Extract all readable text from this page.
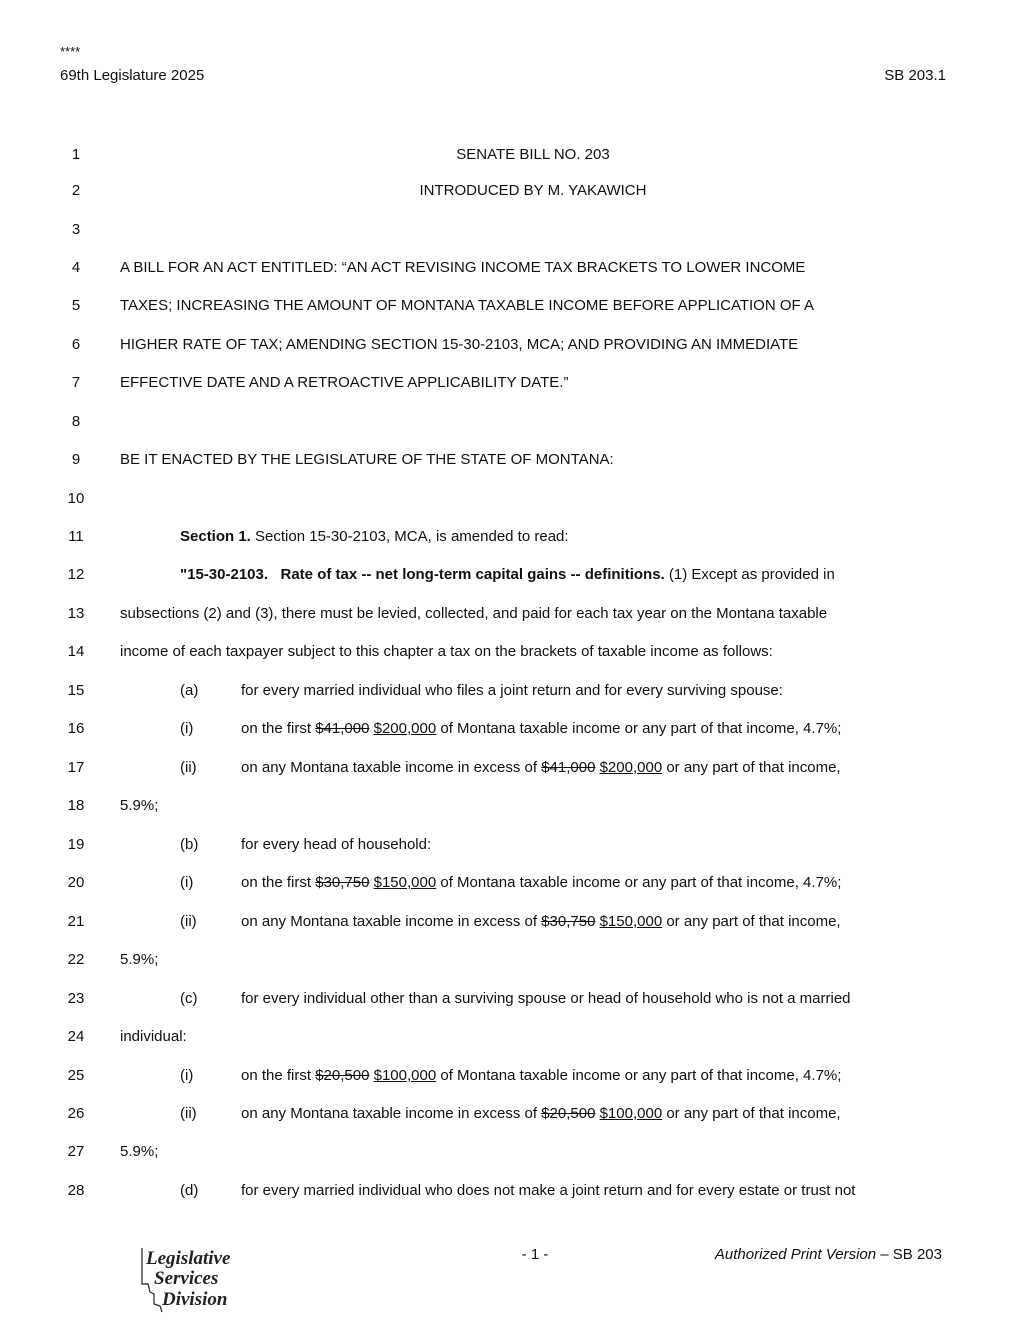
****
69th Legislature 2025	SB 203.1
1
2
3
4
5
6
7
8
9
10
11
12
13
14
15
16
17
18
19
20
21
22
23
24
25
26
27
28
SENATE BILL NO. 203
INTRODUCED BY M. YAKAWICH
A BILL FOR AN ACT ENTITLED: “AN ACT REVISING INCOME TAX BRACKETS TO LOWER INCOME
TAXES; INCREASING THE AMOUNT OF MONTANA TAXABLE INCOME BEFORE APPLICATION OF A
HIGHER RATE OF TAX; AMENDING SECTION 15-30-2103, MCA; AND PROVIDING AN IMMEDIATE
EFFECTIVE DATE AND A RETROACTIVE APPLICABILITY DATE.”
BE IT ENACTED BY THE LEGISLATURE OF THE STATE OF MONTANA:
Section 1. Section 15-30-2103, MCA, is amended to read:
"15-30-2103.   Rate of tax -- net long-term capital gains -- definitions. (1) Except as provided in
subsections (2) and (3), there must be levied, collected, and paid for each tax year on the Montana taxable
income of each taxpayer subject to this chapter a tax on the brackets of taxable income as follows:
(a)	for every married individual who files a joint return and for every surviving spouse:
(i)	on the first $41,000 $200,000 of Montana taxable income or any part of that income, 4.7%;
(ii)	on any Montana taxable income in excess of $41,000 $200,000 or any part of that income,
5.9%;
(b)	for every head of household:
(i)	on the first $30,750 $150,000 of Montana taxable income or any part of that income, 4.7%;
(ii)	on any Montana taxable income in excess of $30,750 $150,000 or any part of that income,
5.9%;
(c)	for every individual other than a surviving spouse or head of household who is not a married
individual:
(i)	on the first $20,500 $100,000 of Montana taxable income or any part of that income, 4.7%;
(ii)	on any Montana taxable income in excess of $20,500 $100,000 or any part of that income,
5.9%;
(d)	for every married individual who does not make a joint return and for every estate or trust not
Legislative
Services
Division
- 1 -	Authorized Print Version – SB 203
